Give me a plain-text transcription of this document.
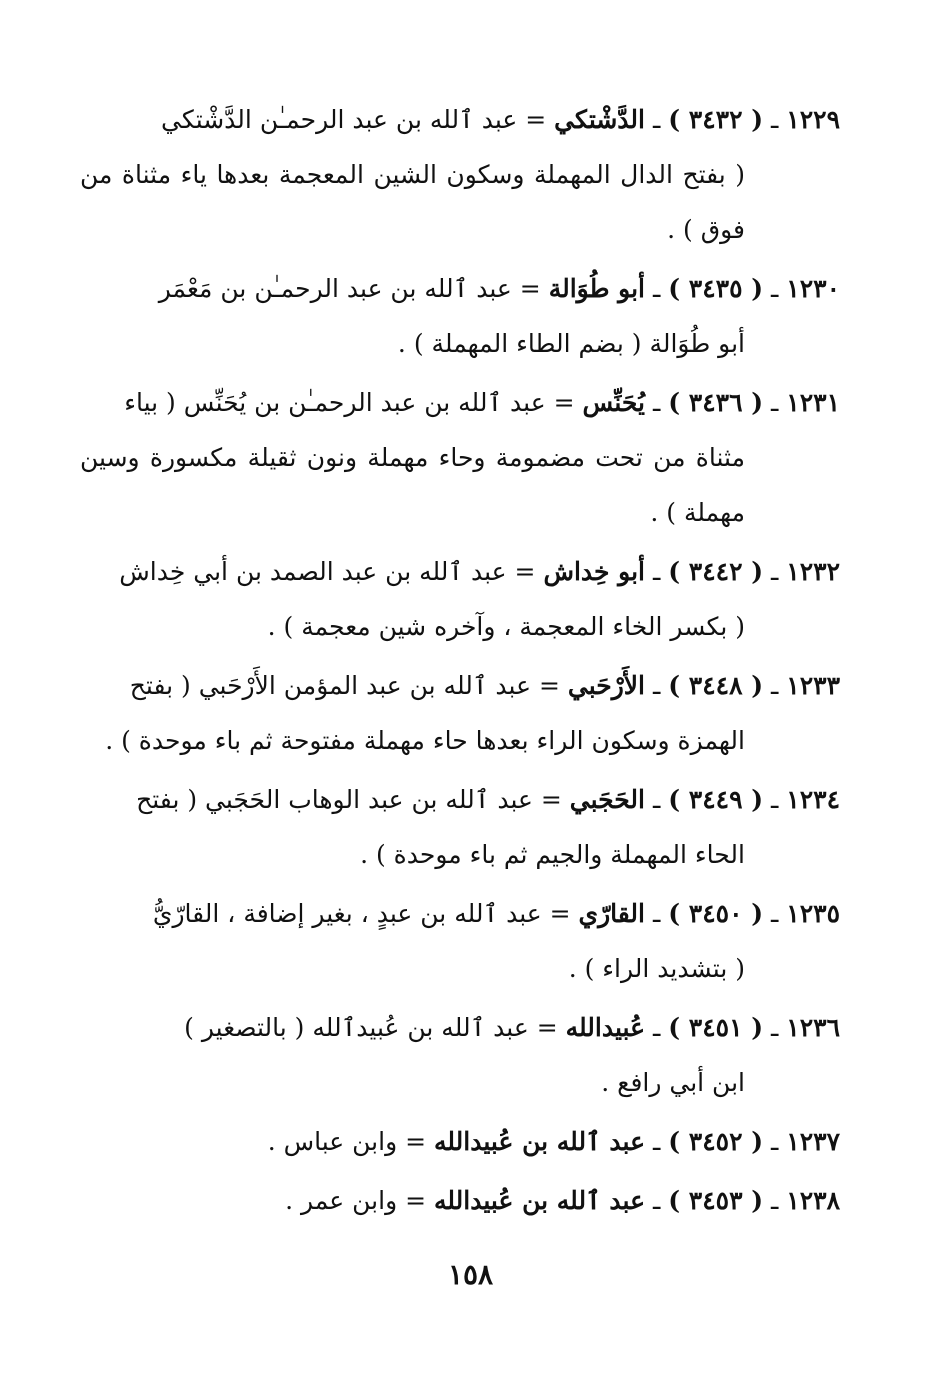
١٢٢٩ ـ ( ٣٤٣٢ ) ـ الدَّشْتكي = عبد ٱلله بن عبد الرحمـٰن الدَّشْتكي
( بفتح الدال المهملة وسكون الشين المعجمة بعدها ياء مثناة من فوق ) .

١٢٣٠ ـ ( ٣٤٣٥ ) ـ أبو طُوَالة = عبد ٱلله بن عبد الرحمـٰن بن مَعْمَر
أبو طُوَالة ( بضم الطاء المهملة ) .

١٢٣١ ـ ( ٣٤٣٦ ) ـ يُحَنِّس = عبد ٱلله بن عبد الرحمـٰن بن يُحَنِّس ( بياء
مثناة من تحت مضمومة وحاء مهملة ونون ثقيلة مكسورة وسين مهملة ) .

١٢٣٢ ـ ( ٣٤٤٢ ) ـ أبو خِداش = عبد ٱلله بن عبد الصمد بن أبي خِداش
( بكسر الخاء المعجمة ، وآخره شين معجمة ) .

١٢٣٣ ـ ( ٣٤٤٨ ) ـ الأَرْحَبي = عبد ٱلله بن عبد المؤمن الأَرْحَبي ( بفتح
الهمزة وسكون الراء بعدها حاء مهملة مفتوحة ثم باء موحدة ) .

١٢٣٤ ـ ( ٣٤٤٩ ) ـ الحَجَبي = عبد ٱلله بن عبد الوهاب الحَجَبي ( بفتح
الحاء المهملة والجيم ثم باء موحدة ) .

١٢٣٥ ـ ( ٣٤٥٠ ) ـ القارّي = عبد ٱلله بن عبدٍ ، بغير إضافة ، القارّيُّ
( بتشديد الراء ) .

١٢٣٦ ـ ( ٣٤٥١ ) ـ عُبيدالله = عبد ٱلله بن عُبيدٱلله ( بالتصغير )
ابن أبي رافع .

١٢٣٧ ـ ( ٣٤٥٢ ) ـ عبد ٱلله بن عُبيدالله = وابن عباس .

١٢٣٨ ـ ( ٣٤٥٣ ) ـ عبد ٱلله بن عُبيدالله = وابن عمر .

١٥٨
